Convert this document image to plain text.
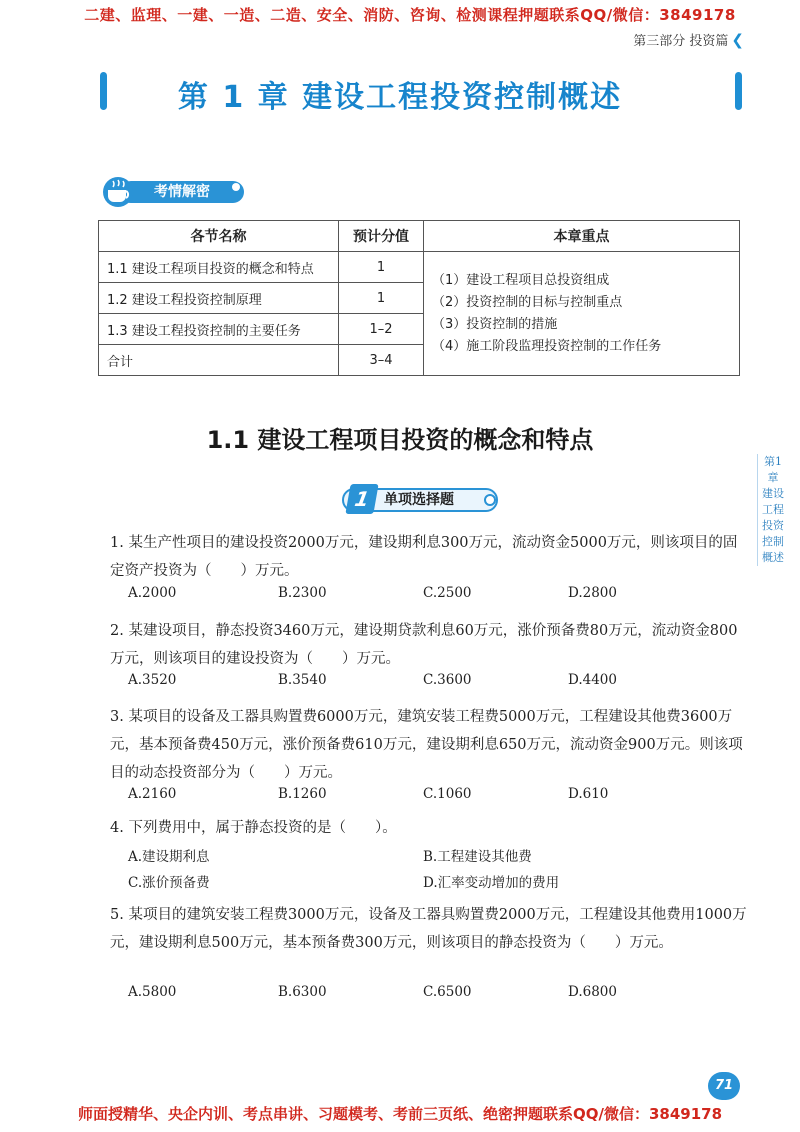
二建、监理、一建、一造、二造、安全、消防、咨询、检测课程押题联系QQ/微信：3849178
第三部分 投资篇 ❮
第 1 章 建设工程投资控制概述
考情解密
各节名称	预计分值	本章重点
1.1 建设工程项目投资的概念和特点	1	（1）建设工程项目总投资组成
（2）投资控制的目标与控制重点
（3）投资控制的措施
（4）施工阶段监理投资控制的工作任务

1.2 建设工程投资控制原理	1	
1.3 建设工程投资控制的主要任务	1–2	
合计	3–4	
1.1 建设工程项目投资的概念和特点
单项选择题
1
1. 某生产性项目的建设投资2000万元，建设期利息300万元，流动资金5000万元，则该项目的固定资产投资为（　　）万元。
A.2000	B.2300	C.2500	D.2800
2. 某建设项目，静态投资3460万元，建设期贷款利息60万元，涨价预备费80万元，流动资金800万元，则该项目的建设投资为（　　）万元。
A.3520	B.3540	C.3600	D.4400
3. 某项目的设备及工器具购置费6000万元，建筑安装工程费5000万元，工程建设其他费3600万元，基本预备费450万元，涨价预备费610万元，建设期利息650万元，流动资金900万元。则该项目的动态投资部分为（　　）万元。
A.2160	B.1260	C.1060	D.610
4. 下列费用中，属于静态投资的是（　　）。
A.建设期利息	B.工程建设其他费
C.涨价预备费	D.汇率变动增加的费用
5. 某项目的建筑安装工程费3000万元，设备及工器具购置费2000万元，工程建设其他费用1000万元，建设期利息500万元，基本预备费300万元，则该项目的静态投资为（　　）万元。
A.5800	B.6300	C.6500	D.6800
第1章 建设工程投资控制概述
71
师面授精华、央企内训、考点串讲、习题模考、考前三页纸、绝密押题联系QQ/微信：3849178
